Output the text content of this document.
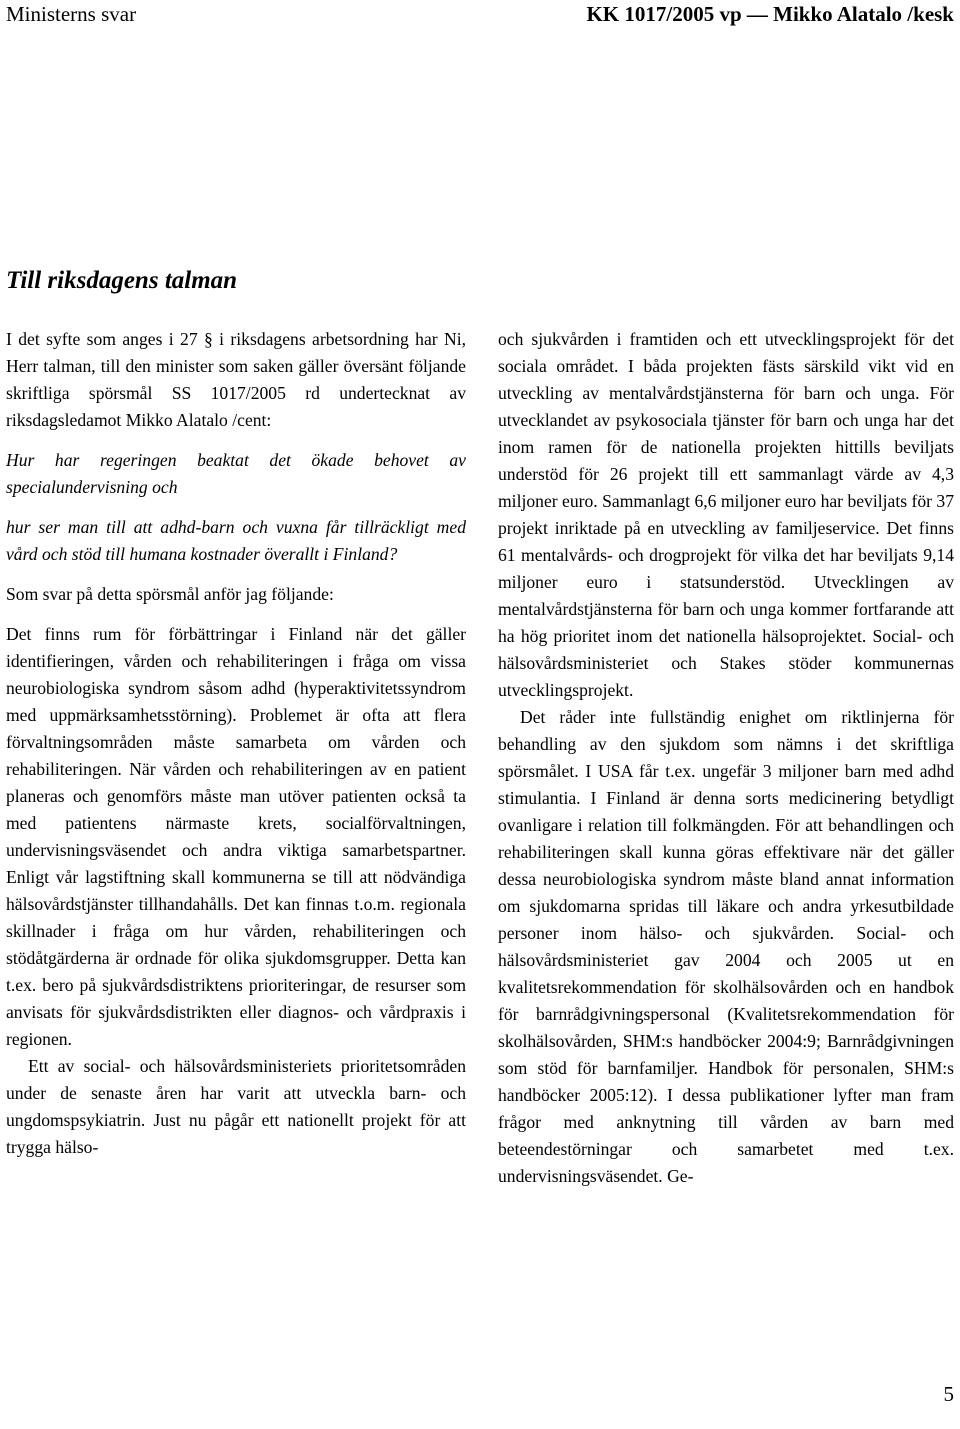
Ministerns svar	KK 1017/2005 vp — Mikko Alatalo /kesk
Till riksdagens talman

I det syfte som anges i 27 § i riksdagens arbetsordning har Ni, Herr talman, till den minister som saken gäller översänt följande skriftliga spörsmål SS 1017/2005 rd undertecknat av riksdagsledamot Mikko Alatalo /cent:

Hur har regeringen beaktat det ökade behovet av specialundervisning och

hur ser man till att adhd-barn och vuxna får tillräckligt med vård och stöd till humana kostnader överallt i Finland?

Som svar på detta spörsmål anför jag följande:

Det finns rum för förbättringar i Finland när det gäller identifieringen, vården och rehabiliteringen i fråga om vissa neurobiologiska syndrom såsom adhd (hyperaktivitetssyndrom med uppmärksamhetsstörning). Problemet är ofta att flera förvaltningsområden måste samarbeta om vården och rehabiliteringen. När vården och rehabiliteringen av en patient planeras och genomförs måste man utöver patienten också ta med patientens närmaste krets, socialförvaltningen, undervisningsväsendet och andra viktiga samarbetspartner. Enligt vår lagstiftning skall kommunerna se till att nödvändiga hälsovårdstjänster tillhandahålls. Det kan finnas t.o.m. regionala skillnader i fråga om hur vården, rehabiliteringen och stödåtgärderna är ordnade för olika sjukdomsgrupper. Detta kan t.ex. bero på sjukvårdsdistriktens prioriteringar, de resurser som anvisats för sjukvårdsdistrikten eller diagnos- och vårdpraxis i regionen.

Ett av social- och hälsovårdsministeriets prioritetsområden under de senaste åren har varit att utveckla barn- och ungdomspsykiatrin. Just nu pågår ett nationellt projekt för att trygga hälso-

och sjukvården i framtiden och ett utvecklingsprojekt för det sociala området. I båda projekten fästs särskild vikt vid en utveckling av mentalvårdstjänsterna för barn och unga. För utvecklandet av psykosociala tjänster för barn och unga har det inom ramen för de nationella projekten hittills beviljats understöd för 26 projekt till ett sammanlagt värde av 4,3 miljoner euro. Sammanlagt 6,6 miljoner euro har beviljats för 37 projekt inriktade på en utveckling av familjeservice. Det finns 61 mentalvårds- och drogprojekt för vilka det har beviljats 9,14 miljoner euro i statsunderstöd. Utvecklingen av mentalvårdstjänsterna för barn och unga kommer fortfarande att ha hög prioritet inom det nationella hälsoprojektet. Social- och hälsovårdsministeriet och Stakes stöder kommunernas utvecklingsprojekt.

Det råder inte fullständig enighet om riktlinjerna för behandling av den sjukdom som nämns i det skriftliga spörsmålet. I USA får t.ex. ungefär 3 miljoner barn med adhd stimulantia. I Finland är denna sorts medicinering betydligt ovanligare i relation till folkmängden. För att behandlingen och rehabiliteringen skall kunna göras effektivare när det gäller dessa neurobiologiska syndrom måste bland annat information om sjukdomarna spridas till läkare och andra yrkesutbildade personer inom hälso- och sjukvården. Social- och hälsovårdsministeriet gav 2004 och 2005 ut en kvalitetsrekommendation för skolhälsovården och en handbok för barnrådgivningspersonal (Kvalitetsrekommendation för skolhälsovården, SHM:s handböcker 2004:9; Barnrådgivningen som stöd för barnfamiljer. Handbok för personalen, SHM:s handböcker 2005:12). I dessa publikationer lyfter man fram frågor med anknytning till vården av barn med beteendestörningar och samarbetet med t.ex. undervisningsväsendet. Ge-

5
